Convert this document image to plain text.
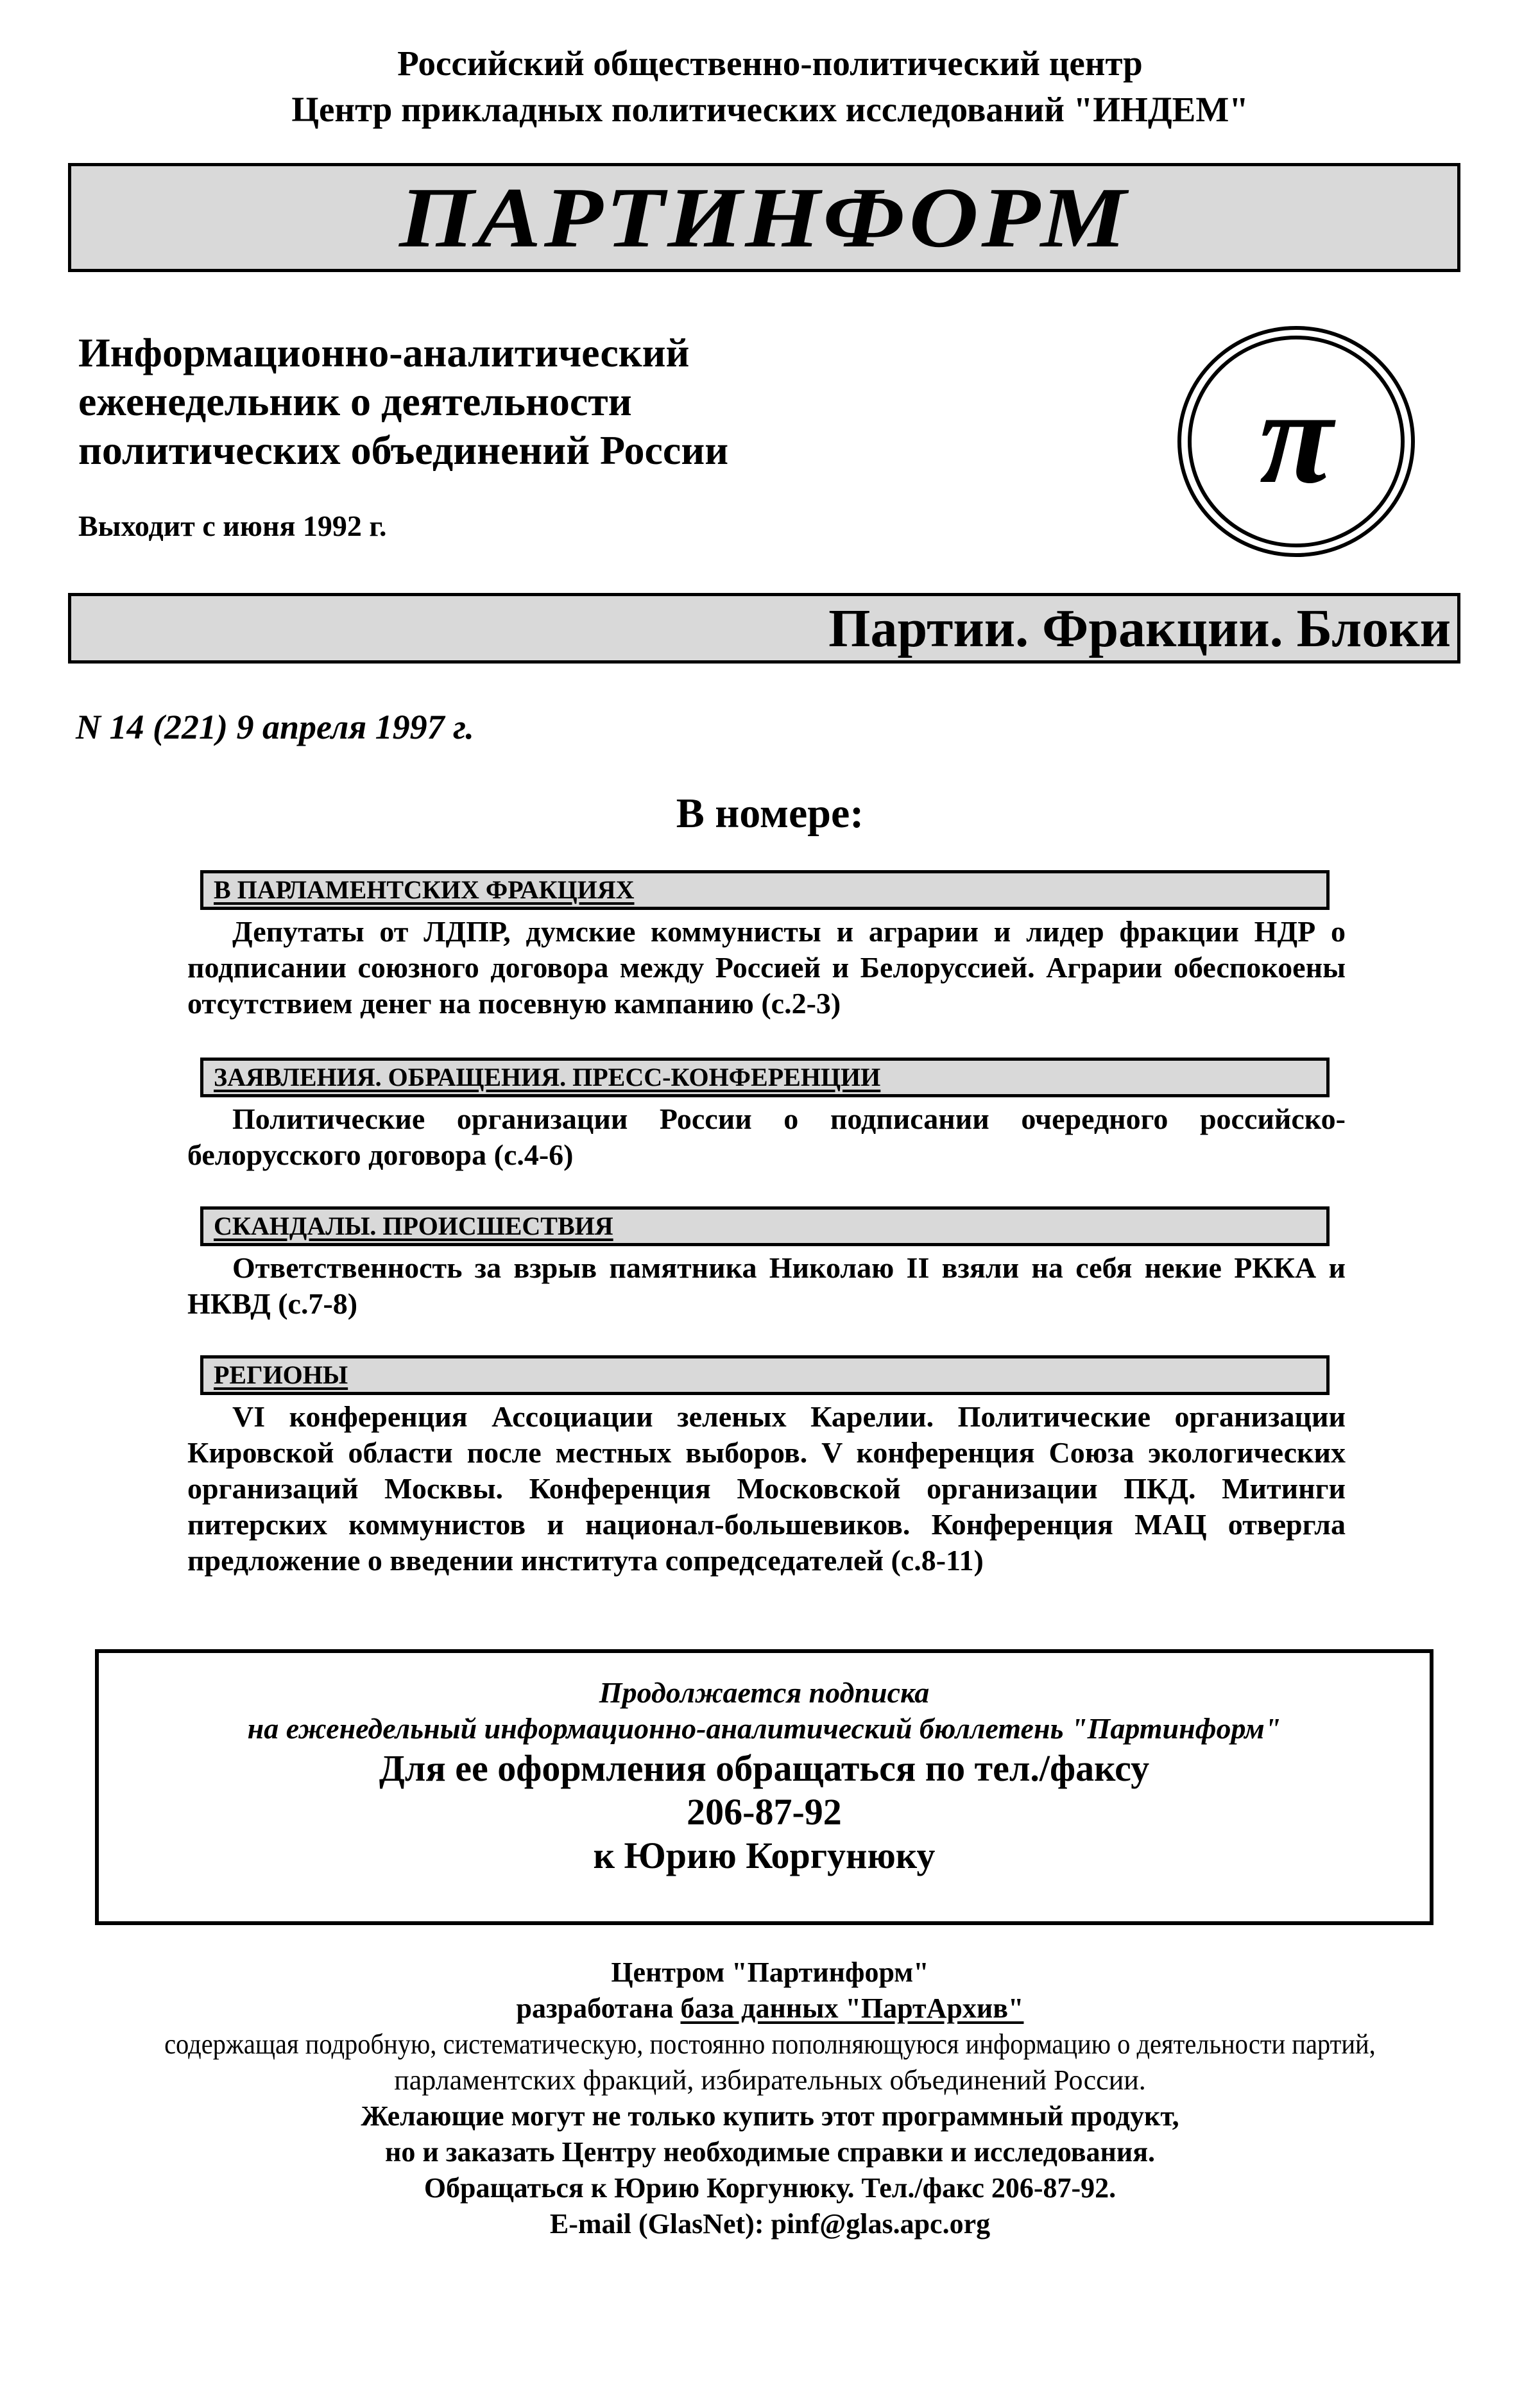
Российский общественно-политический центр
Центр прикладных политических исследований "ИНДЕМ"
ПАРТИНФОРМ
Информационно-аналитический
еженедельник о деятельности
политических объединений России
Выходит с июня 1992 г.
π
Партии. Фракции. Блоки
N 14 (221) 9 апреля 1997 г.
В номере:
В ПАРЛАМЕНТСКИХ ФРАКЦИЯХ
Депутаты от ЛДПР, думские коммунисты и аграрии и лидер фракции НДР о подписании союзного договора между Россией и Белоруссией. Аграрии обеспокоены отсутствием денег на посевную кампанию (с.2-3)
ЗАЯВЛЕНИЯ. ОБРАЩЕНИЯ. ПРЕСС-КОНФЕРЕНЦИИ
Политические организации России о подписании очередного российско-белорусского договора (с.4-6)
СКАНДАЛЫ. ПРОИСШЕСТВИЯ
Ответственность за взрыв памятника Николаю II взяли на себя некие РККА и НКВД (с.7-8)
РЕГИОНЫ
VI конференция Ассоциации зеленых Карелии. Политические организации Кировской области после местных выборов. V конференция Союза экологических организаций Москвы. Конференция Московской организации ПКД. Митинги питерских коммунистов и национал-большевиков. Конференция МАЦ отвергла предложение о введении института сопредседателей (с.8-11)
Продолжается подписка
на еженедельный информационно-аналитический бюллетень "Партинформ"
Для ее оформления обращаться по тел./факсу
206-87-92
к Юрию Коргунюку
Центром "Партинформ"
разработана база данных "ПартАрхив"
содержащая подробную, систематическую, постоянно пополняющуюся информацию о деятельности партий,
парламентских фракций, избирательных объединений России.
Желающие могут не только купить этот программный продукт,
но и заказать Центру необходимые справки и исследования.
Обращаться к Юрию Коргунюку. Тел./факс 206-87-92.
E-mail (GlasNet): pinf@glas.apc.org
